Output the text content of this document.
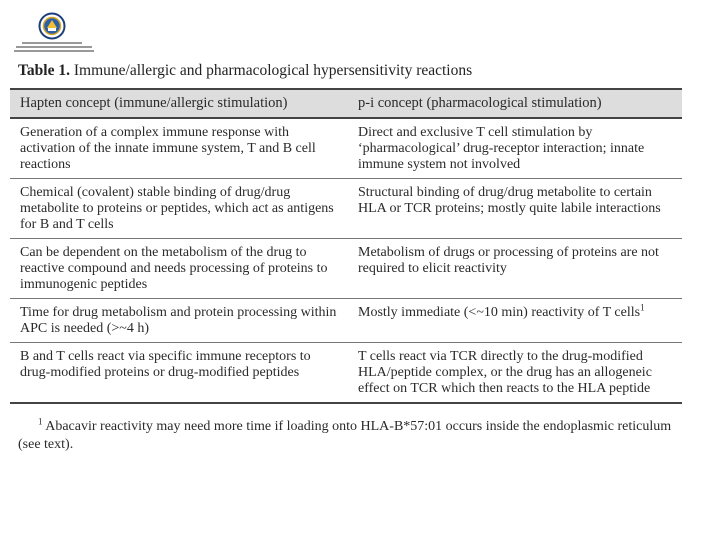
Table 1. Immune/allergic and pharmacological hypersensitivity reactions
Hapten concept (immune/allergic stimulation)	p-i concept (pharmacological stimulation)
Generation of a complex immune response with activation of the innate immune system, T and B cell reactions	Direct and exclusive T cell stimulation by ‘pharmacological’ drug-receptor interaction; innate immune system not involved
Chemical (covalent) stable binding of drug/drug metabolite to proteins or peptides, which act as antigens for B and T cells	Structural binding of drug/drug metabolite to certain HLA or TCR proteins; mostly quite labile interactions
Can be dependent on the metabolism of the drug to reactive compound and needs processing of proteins to immunogenic peptides	Metabolism of drugs or processing of proteins are not required to elicit reactivity
Time for drug metabolism and protein processing within APC is needed (>~4 h)	Mostly immediate (<~10 min) reactivity of T cells$^1$
B and T cells react via specific immune receptors to drug-modified proteins or drug-modified peptides	T cells react via TCR directly to the drug-modified HLA/peptide complex, or the drug has an allogeneic effect on TCR which then reacts to the HLA peptide

$^1$ Abacavir reactivity may need more time if loading onto HLA-B*57:01 occurs inside the endoplasmic reticulum (see text).
